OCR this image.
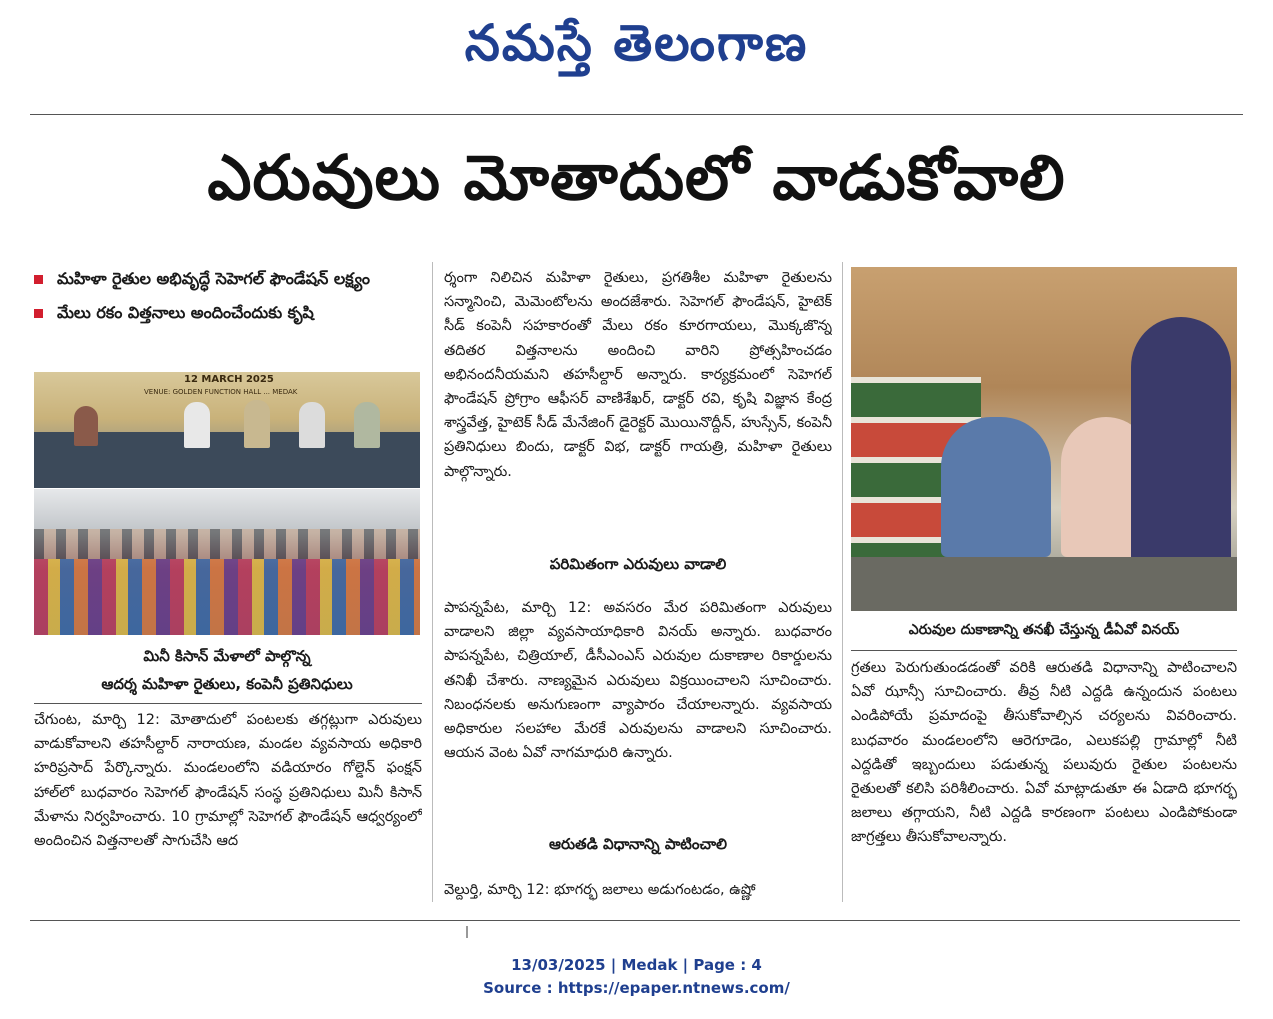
నమస్తే తెలంగాణ
ఎరువులు మోతాదులో వాడుకోవాలి
మహిళా రైతుల అభివృద్ధే సెహెగల్ ఫౌండేషన్ లక్ష్యం
మేలు రకం విత్తనాలు అందించేందుకు కృషి
12 MARCH 2025
VENUE: GOLDEN FUNCTION HALL ... MEDAK
మినీ కిసాన్ మేళాలో పాల్గొన్న
ఆదర్శ మహిళా రైతులు, కంపెనీ ప్రతినిధులు
చేగుంట, మార్చి 12: మోతాదులో పంటలకు తగ్గట్లుగా ఎరువులు వాడుకోవాలని తహసీల్దార్ నారాయణ, మండల వ్యవసాయ అధికారి హరిప్రసాద్ పేర్కొన్నారు. మండలంలోని వడియారం గోల్డెన్ ఫంక్షన్ హాల్‌లో బుధవారం సెహెగల్ ఫౌండేషన్ సంస్థ ప్రతినిధులు మినీ కిసాన్ మేళాను నిర్వహించారు. 10 గ్రామాల్లో సెహెగల్ ఫౌండేషన్ ఆధ్వర్యంలో అందించిన విత్తనాలతో సాగుచేసి ఆద
ర్శంగా నిలిచిన మహిళా రైతులు, ప్రగతిశీల మహిళా రైతులను సన్మానించి, మెమెంటోలను అందజేశారు. సెహెగల్ ఫౌండేషన్, హైటెక్ సీడ్ కంపెనీ సహకారంతో మేలు రకం కూరగాయలు, మొక్కజొన్న తదితర విత్తనాలను అందించి వారిని ప్రోత్సహించడం అభినందనీయమని తహసీల్దార్ అన్నారు. కార్యక్రమంలో సెహెగల్ ఫౌండేషన్ ప్రోగ్రాం ఆఫీసర్ వాణిశేఖర్, డాక్టర్ రవి, కృషి విజ్ఞాన కేంద్ర శాస్త్రవేత్త, హైటెక్ సీడ్ మేనేజింగ్ డైరెక్టర్ మొయినొద్దీన్, హుస్సేన్, కంపెనీ ప్రతినిధులు బిందు, డాక్టర్ విభ, డాక్టర్ గాయత్రి, మహిళా రైతులు పాల్గొన్నారు.
పరిమితంగా ఎరువులు వాడాలి
పాపన్నపేట, మార్చి 12: అవసరం మేర పరిమితంగా ఎరువులు వాడాలని జిల్లా వ్యవసాయాధికారి వినయ్ అన్నారు. బుధవారం పాపన్నపేట, చిత్రియాల్, డీసీఎంఎస్ ఎరువుల దుకాణాల రికార్డులను తనిఖీ చేశారు. నాణ్యమైన ఎరువులు విక్రయించాలని సూచించారు. నిబంధనలకు అనుగుణంగా వ్యాపారం చేయాలన్నారు. వ్యవసాయ అధికారుల సలహాల మేరకే ఎరువులను వాడాలని సూచించారు. ఆయన వెంట ఏవో నాగమాధురి ఉన్నారు.
ఆరుతడి విధానాన్ని పాటించాలి
వెల్దుర్తి, మార్చి 12: భూగర్భ జలాలు అడుగంటడం, ఉష్ణో
ఎరువుల దుకాణాన్ని తనఖీ చేస్తున్న డీఏవో వినయ్
గ్రతలు పెరుగుతుండడంతో వరికి ఆరుతడి విధానాన్ని పాటించాలని ఏవో ఝాన్సీ సూచించారు. తీవ్ర నీటి ఎద్దడి ఉన్నందున పంటలు ఎండిపోయే ప్రమాదంపై తీసుకోవాల్సిన చర్యలను వివరించారు. బుధవారం మండలంలోని ఆరెగూడెం, ఎలుకపల్లి గ్రామాల్లో నీటి ఎద్దడితో ఇబ్బందులు పడుతున్న పలువురు రైతుల పంటలను రైతులతో కలిసి పరిశీలించారు. ఏవో మాట్లాడుతూ ఈ ఏడాది భూగర్భ జలాలు తగ్గాయని, నీటి ఎద్దడి కారణంగా పంటలు ఎండిపోకుండా జాగ్రత్తలు తీసుకోవాలన్నారు.
13/03/2025 | Medak | Page : 4
Source : https://epaper.ntnews.com/
